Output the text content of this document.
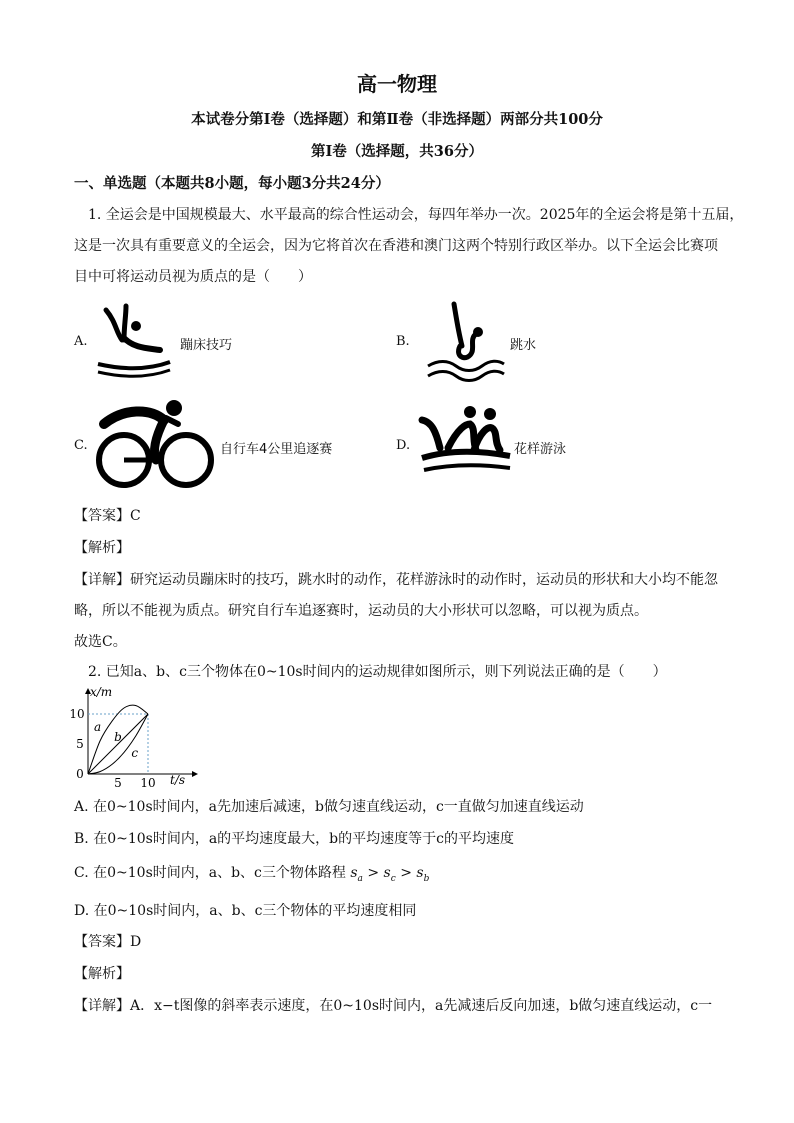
高一物理
本试卷分第Ⅰ卷（选择题）和第Ⅱ卷（非选择题）两部分共100分
第Ⅰ卷（选择题，共36分）
一、单选题（本题共8小题，每小题3分共24分）
1. 全运会是中国规模最大、水平最高的综合性运动会，每四年举办一次。2025年的全运会将是第十五届，
这是一次具有重要意义的全运会，因为它将首次在香港和澳门这两个特别行政区举办。以下全运会比赛项
目中可将运动员视为质点的是（　　）
A.	蹦床技巧	B.	跳水
C.	自行车4公里追逐赛	D.	花样游泳
【答案】C
【解析】
【详解】研究运动员蹦床时的技巧，跳水时的动作，花样游泳时的动作时，运动员的形状和大小均不能忽
略，所以不能视为质点。研究自行车追逐赛时，运动员的大小形状可以忽略，可以视为质点。
故选C。
2. 已知a、b、c三个物体在0~10s时间内的运动规律如图所示，则下列说法正确的是（　　）
x/m
t/s
0
5
10
5 10
a
b
c
A. 在0~10s时间内，a先加速后减速，b做匀速直线运动，c一直做匀加速直线运动
B. 在0~10s时间内，a的平均速度最大，b的平均速度等于c的平均速度
C. 在0~10s时间内，a、b、c三个物体路程 $s_a > s_c > s_b$
D. 在0~10s时间内，a、b、c三个物体的平均速度相同
【答案】D
【解析】
【详解】A．x−t图像的斜率表示速度，在0~10s时间内，a先减速后反向加速，b做匀速直线运动，c一
